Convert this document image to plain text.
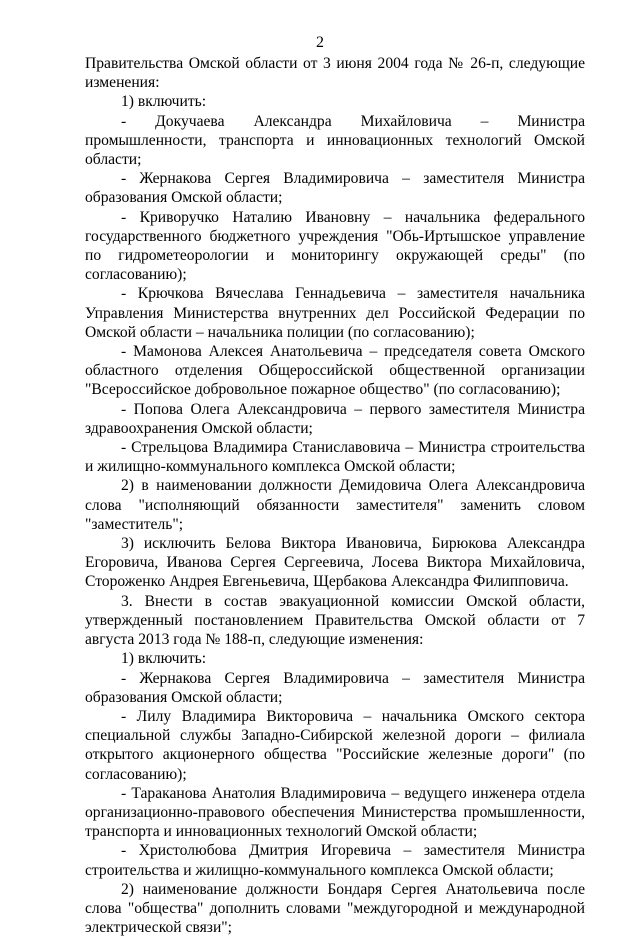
2

Правительства Омской области от 3 июня 2004 года № 26-п, следующие изменения:

1) включить:

- Докучаева Александра Михайловича – Министра промышленности, транспорта и инновационных технологий Омской области;

- Жернакова Сергея Владимировича – заместителя Министра образования Омской области;

- Криворучко Наталию Ивановну – начальника федерального государственного бюджетного учреждения "Обь-Иртышское управление по гидрометеорологии и мониторингу окружающей среды" (по согласованию);

- Крючкова Вячеслава Геннадьевича – заместителя начальника Управления Министерства внутренних дел Российской Федерации по Омской области – начальника полиции (по согласованию);

- Мамонова Алексея Анатольевича – председателя совета Омского областного отделения Общероссийской общественной организации "Всероссийское добровольное пожарное общество" (по согласованию);

- Попова Олега Александровича – первого заместителя Министра здравоохранения Омской области;

- Стрельцова Владимира Станиславовича – Министра строительства и жилищно-коммунального комплекса Омской области;

2) в наименовании должности Демидовича Олега Александровича слова "исполняющий обязанности заместителя" заменить словом "заместитель";

3) исключить Белова Виктора Ивановича, Бирюкова Александра Егоровича, Иванова Сергея Сергеевича, Лосева Виктора Михайловича, Стороженко Андрея Евгеньевича, Щербакова Александра Филипповича.

3. Внести в состав эвакуационной комиссии Омской области, утвержденный постановлением Правительства Омской области от 7 августа 2013 года № 188-п, следующие изменения:

1) включить:

- Жернакова Сергея Владимировича – заместителя Министра образования Омской области;

- Лилу Владимира Викторовича – начальника Омского сектора специальной службы Западно-Сибирской железной дороги – филиала открытого акционерного общества "Российские железные дороги" (по согласованию);

- Тараканова Анатолия Владимировича – ведущего инженера отдела организационно-правового обеспечения Министерства промышленности, транспорта и инновационных технологий Омской области;

- Христолюбова Дмитрия Игоревича – заместителя Министра строительства и жилищно-коммунального комплекса Омской области;

2) наименование должности Бондаря Сергея Анатольевича после слова "общества" дополнить словами "междугородной и международной электрической связи";
